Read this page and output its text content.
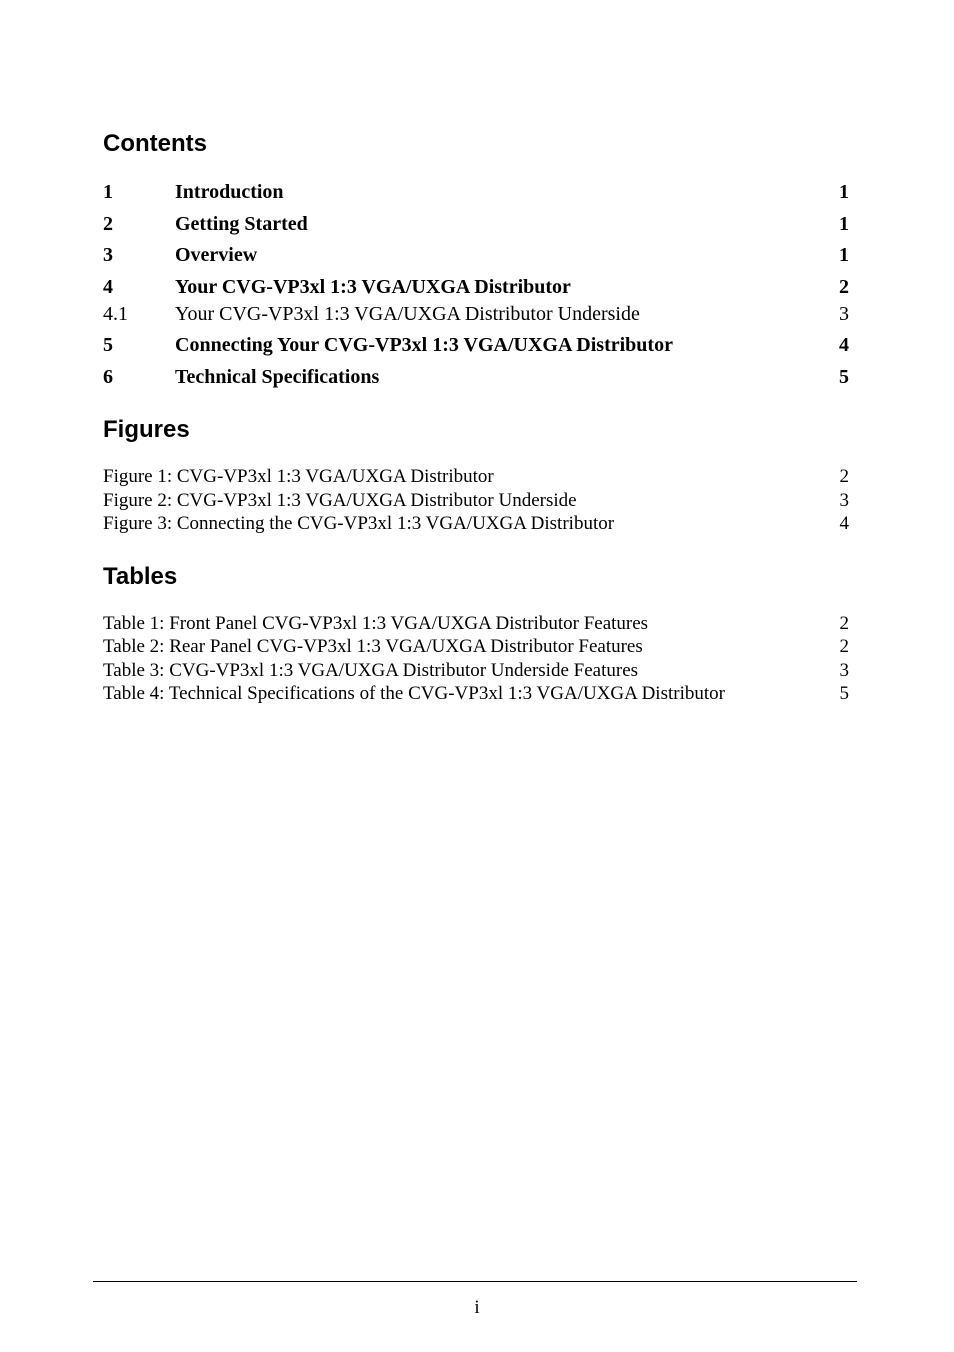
Contents
1	Introduction	1
2	Getting Started	1
3	Overview	1
4	Your CVG-VP3xl 1:3 VGA/UXGA Distributor	2
4.1 Your CVG-VP3xl 1:3 VGA/UXGA Distributor Underside	3
5	Connecting Your CVG-VP3xl 1:3 VGA/UXGA Distributor	4
6	Technical Specifications	5
Figures
Figure 1: CVG-VP3xl 1:3 VGA/UXGA Distributor	2
Figure 2: CVG-VP3xl 1:3 VGA/UXGA Distributor Underside	3
Figure 3: Connecting the CVG-VP3xl 1:3 VGA/UXGA Distributor	4
Tables
Table 1: Front Panel CVG-VP3xl 1:3 VGA/UXGA Distributor Features	2
Table 2: Rear Panel CVG-VP3xl 1:3 VGA/UXGA Distributor Features	2
Table 3: CVG-VP3xl 1:3 VGA/UXGA Distributor Underside Features	3
Table 4: Technical Specifications of the CVG-VP3xl 1:3 VGA/UXGA Distributor	5
i
